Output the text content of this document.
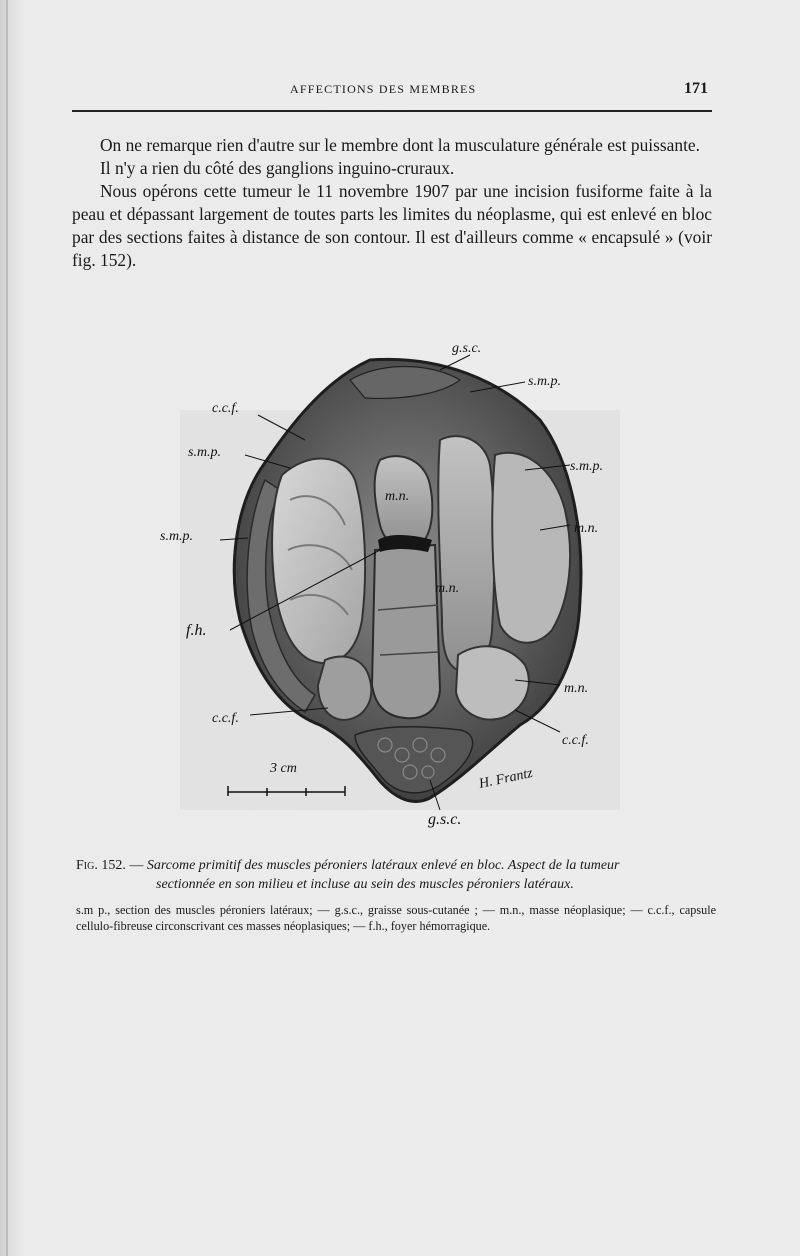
AFFECTIONS DES MEMBRES	171

On ne remarque rien d'autre sur le membre dont la musculature générale est puissante.

Il n'y a rien du côté des ganglions inguino-cruraux.

Nous opérons cette tumeur le 11 novembre 1907 par une incision fusiforme faite à la peau et dépassant largement de toutes parts les limites du néoplasme, qui est enlevé en bloc par des sections faites à distance de son contour. Il est d'ailleurs comme « encapsulé » (voir fig. 152).

g.s.c.
s.m.p.
c.c.f.
s.m.p.
s.m.p.
m.n.
s.m.p.
m.n.
m.n.
f.h.
m.n.
c.c.f.
c.c.f.
3 cm	H. Frantz
g.s.c.
Fig. 152. — Sarcome primitif des muscles péroniers latéraux enlevé en bloc. Aspect de la tumeur
sectionnée en son milieu et incluse au sein des muscles péroniers latéraux.
s.m p., section des muscles péroniers latéraux; — g.s.c., graisse sous-cutanée ; — m.n., masse néoplasique; — c.c.f., capsule cellulo-fibreuse circonscrivant ces masses néoplasiques; — f.h., foyer hémorragique.
